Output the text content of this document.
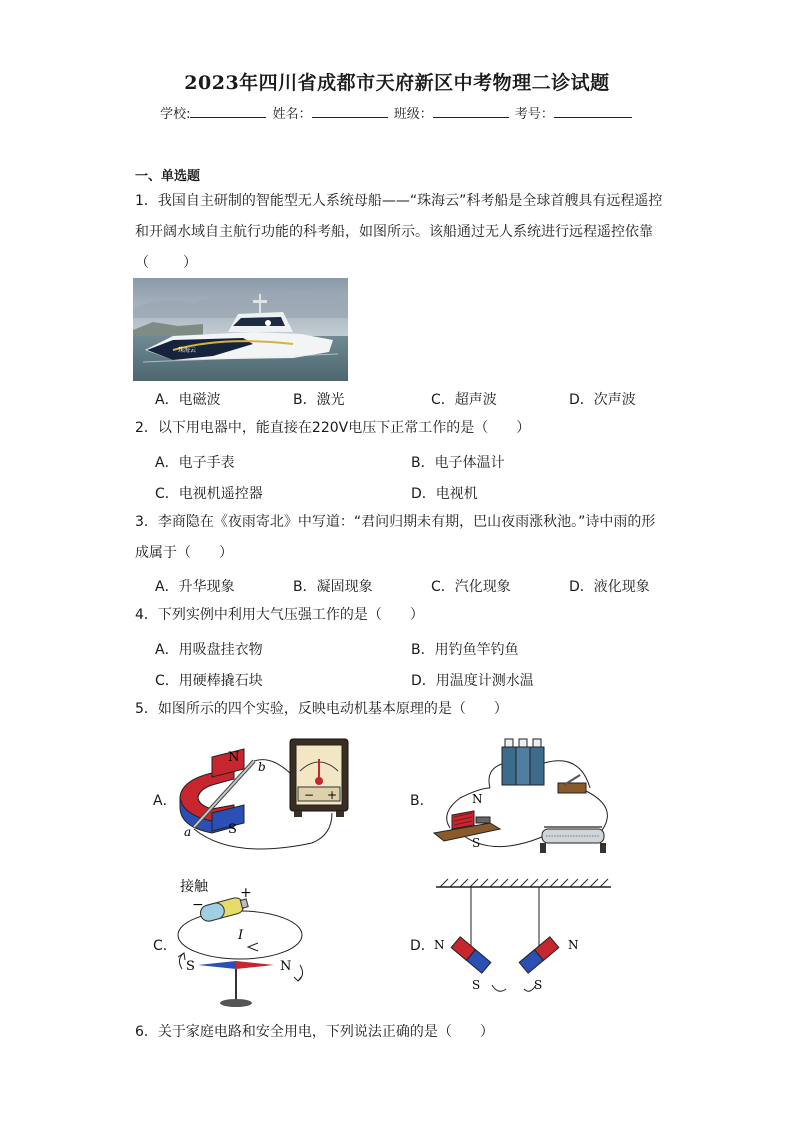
2023年四川省成都市天府新区中考物理二诊试题
学校:	姓名：	班级：	考号：
一、单选题

1．我国自主研制的智能型无人系统母船——“珠海云”科考船是全球首艘具有远程遥控

和开阔水域自主航行功能的科考船，如图所示。该船通过无人系统进行远程遥控依靠

（　　）

珠海云
A．电磁波	B．激光	C．超声波	D．次声波

2．以下用电器中，能直接在220V电压下正常工作的是（　　）

A．电子手表	B．电子体温计
C．电视机遥控器	D．电视机

3．李商隐在《夜雨寄北》中写道：“君问归期未有期，巴山夜雨涨秋池。”诗中雨的形

成属于（　　）

A．升华现象	B．凝固现象	C．汽化现象	D．液化现象

4．下列实例中利用大气压强工作的是（　　）

A．用吸盘挂衣物	B．用钓鱼竿钓鱼
C．用硬棒撬石块	D．用温度计测水温

5．如图所示的四个实验，反映电动机基本原理的是（　　）

A．	B．
C．	D．
N
S
a
b
− +	N
S
接触
−
+
I
S	N
N	N
S	S

6．关于家庭电路和安全用电，下列说法正确的是（　　）
